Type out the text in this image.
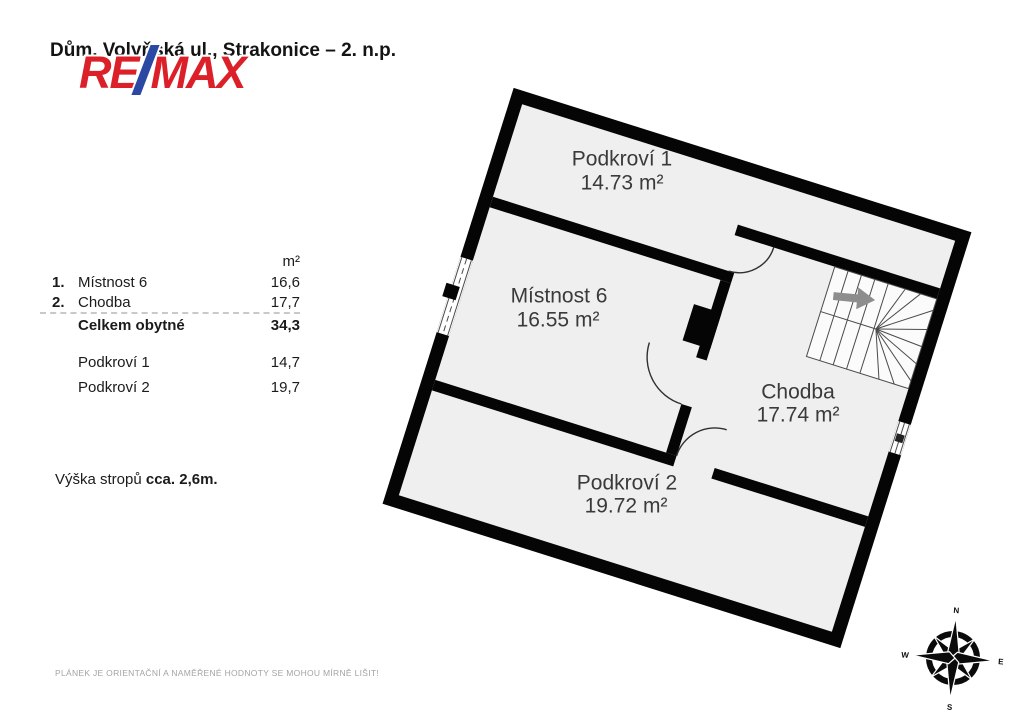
Dům, Volyňská ul., Strakonice – 2. n.p.
RE MAX
m²
1. Místnost 6	16,6
2. Chodba	17,7
Celkem obytné	34,3
Podkroví 1	14,7
Podkroví 2	19,7
Výška stropů cca. 2,6m.
PLÁNEK JE ORIENTAČNÍ A NAMĚŘENÉ HODNOTY SE MOHOU MÍRNĚ LIŠIT!
Podkroví 1
14.73 m²
Místnost 6
16.55 m²
Chodba
17.74 m²
Podkroví 2
19.72 m²
N
E
S
W
